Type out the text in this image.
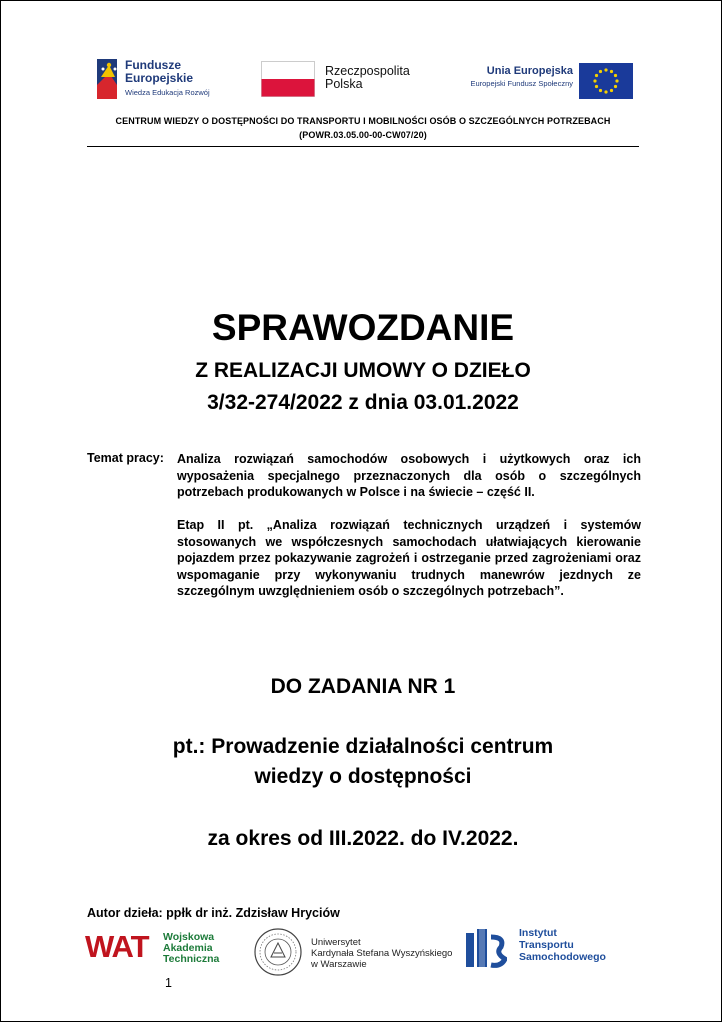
Fundusze
Europejskie
Wiedza Edukacja Rozwój
Rzeczpospolita
Polska
Unia Europejska
Europejski Fundusz Społeczny
CENTRUM WIEDZY O DOSTĘPNOŚCI DO TRANSPORTU I MOBILNOŚCI OSÓB O SZCZEGÓLNYCH POTRZEBACH
(POWR.03.05.00-00-CW07/20)
SPRAWOZDANIE
Z REALIZACJI UMOWY O DZIEŁO
3/32-274/2022 z dnia 03.01.2022
Temat pracy: Analiza rozwiązań samochodów osobowych i użytkowych oraz ich wyposażenia specjalnego przeznaczonych dla osób o szczególnych potrzebach produkowanych w Polsce i na świecie – część II.
Etap II pt. „Analiza rozwiązań technicznych urządzeń i systemów stosowanych we współczesnych samochodach ułatwiających kierowanie pojazdem przez pokazywanie zagrożeń i ostrzeganie przed zagrożeniami oraz wspomaganie przy wykonywaniu trudnych manewrów jezdnych ze szczególnym uwzględnieniem osób o szczególnych potrzebach”.
DO ZADANIA NR 1
pt.: Prowadzenie działalności centrum
wiedzy o dostępności
za okres od III.2022. do IV.2022.
Autor dzieła: ppłk dr inż. Zdzisław Hryciów
WAT Wojskowa
Akademia
Techniczna
Uniwersytet
Kardynała Stefana Wyszyńskiego
w Warszawie
Instytut
Transportu
Samochodowego
1
